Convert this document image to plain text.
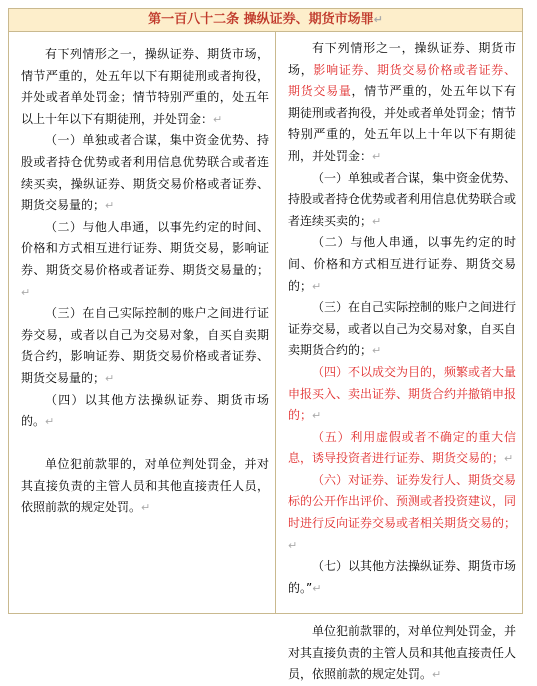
第一百八十二条 操纵证券、期货市场罪↵

有下列情形之一，操纵证券、期货市场，情节严重的，处五年以下有期徒刑或者拘役，并处或者单处罚金；情节特别严重的，处五年以上十年以下有期徒刑，并处罚金：↵

（一）单独或者合谋，集中资金优势、持股或者持仓优势或者利用信息优势联合或者连续买卖，操纵证券、期货交易价格或者证券、期货交易量的；↵

（二）与他人串通，以事先约定的时间、价格和方式相互进行证券、期货交易，影响证券、期货交易价格或者证券、期货交易量的；↵

（三）在自己实际控制的账户之间进行证券交易，或者以自己为交易对象，自买自卖期货合约，影响证券、期货交易价格或者证券、期货交易量的；↵

（四）以其他方法操纵证券、期货市场的。↵

单位犯前款罪的，对单位判处罚金，并对其直接负责的主管人员和其他直接责任人员，依照前款的规定处罚。↵

有下列情形之一，操纵证券、期货市场，影响证券、期货交易价格或者证券、期货交易量，情节严重的，处五年以下有期徒刑或者拘役，并处或者单处罚金；情节特别严重的，处五年以上十年以下有期徒刑，并处罚金：↵

（一）单独或者合谋，集中资金优势、持股或者持仓优势或者利用信息优势联合或者连续买卖的；↵

（二）与他人串通，以事先约定的时间、价格和方式相互进行证券、期货交易的；↵

（三）在自己实际控制的账户之间进行证券交易，或者以自己为交易对象，自买自卖期货合约的；↵

（四）不以成交为目的，频繁或者大量申报买入、卖出证券、期货合约并撤销申报的；↵

（五）利用虚假或者不确定的重大信息，诱导投资者进行证券、期货交易的；↵

（六）对证券、证券发行人、期货交易标的公开作出评价、预测或者投资建议，同时进行反向证券交易或者相关期货交易的；↵

（七）以其他方法操纵证券、期货市场的。”↵

单位犯前款罪的，对单位判处罚金，并对其直接负责的主管人员和其他直接责任人员，依照前款的规定处罚。↵
